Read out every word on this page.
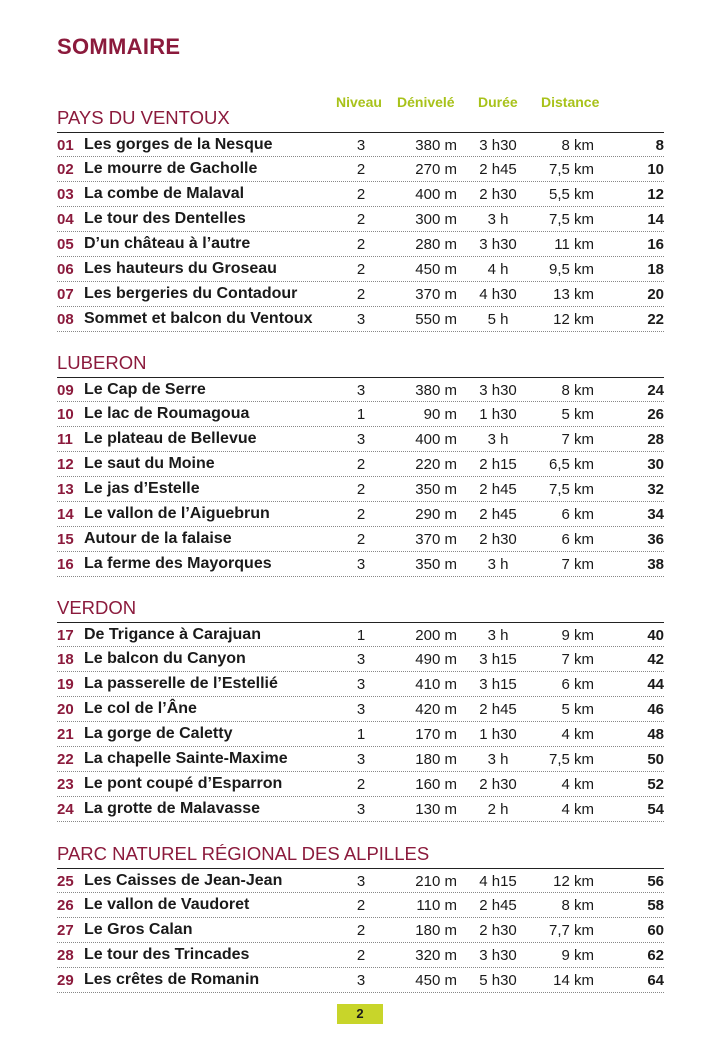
SOMMAIRE
Niveau Dénivelé Durée Distance
PAYS DU VENTOUX
01 Les gorges de la Nesque	3	380 m 3 h30	8 km	8
02 Le mourre de Gacholle	2	270 m 2 h45	7,5 km	10
03 La combe de Malaval	2	400 m 2 h30	5,5 km	12
04 Le tour des Dentelles	2	300 m	3 h	7,5 km	14
05 D’un château à l’autre	2	280 m 3 h30	11 km	16
06 Les hauteurs du Groseau	2	450 m	4 h	9,5 km	18
07 Les bergeries du Contadour	2	370 m 4 h30	13 km	20
08 Sommet et balcon du Ventoux	3	550 m	5 h	12 km	22
LUBERON
09 Le Cap de Serre	3	380 m 3 h30	8 km	24
10 Le lac de Roumagoua	1	90 m 1 h30	5 km	26
11 Le plateau de Bellevue	3	400 m	3 h	7 km	28
12 Le saut du Moine	2	220 m 2 h15	6,5 km	30
13 Le jas d’Estelle	2	350 m 2 h45	7,5 km	32
14 Le vallon de l’Aiguebrun	2	290 m 2 h45	6 km	34
15 Autour de la falaise	2	370 m 2 h30	6 km	36
16 La ferme des Mayorques	3	350 m	3 h	7 km	38
VERDON
17 De Trigance à Carajuan	1	200 m	3 h	9 km	40
18 Le balcon du Canyon	3	490 m 3 h15	7 km	42
19 La passerelle de l’Estellié	3	410 m 3 h15	6 km	44
20 Le col de l’Âne	3	420 m 2 h45	5 km	46
21 La gorge de Caletty	1	170 m 1 h30	4 km	48
22 La chapelle Sainte-Maxime	3	180 m	3 h	7,5 km	50
23 Le pont coupé d’Esparron	2	160 m 2 h30	4 km	52
24 La grotte de Malavasse	3	130 m	2 h	4 km	54
PARC NATUREL RÉGIONAL DES ALPILLES
25 Les Caisses de Jean-Jean	3	210 m 4 h15	12 km	56
26 Le vallon de Vaudoret	2	110 m 2 h45	8 km	58
27 Le Gros Calan	2	180 m 2 h30	7,7 km	60
28 Le tour des Trincades	2	320 m 3 h30	9 km	62
29 Les crêtes de Romanin	3	450 m 5 h30	14 km	64
2
